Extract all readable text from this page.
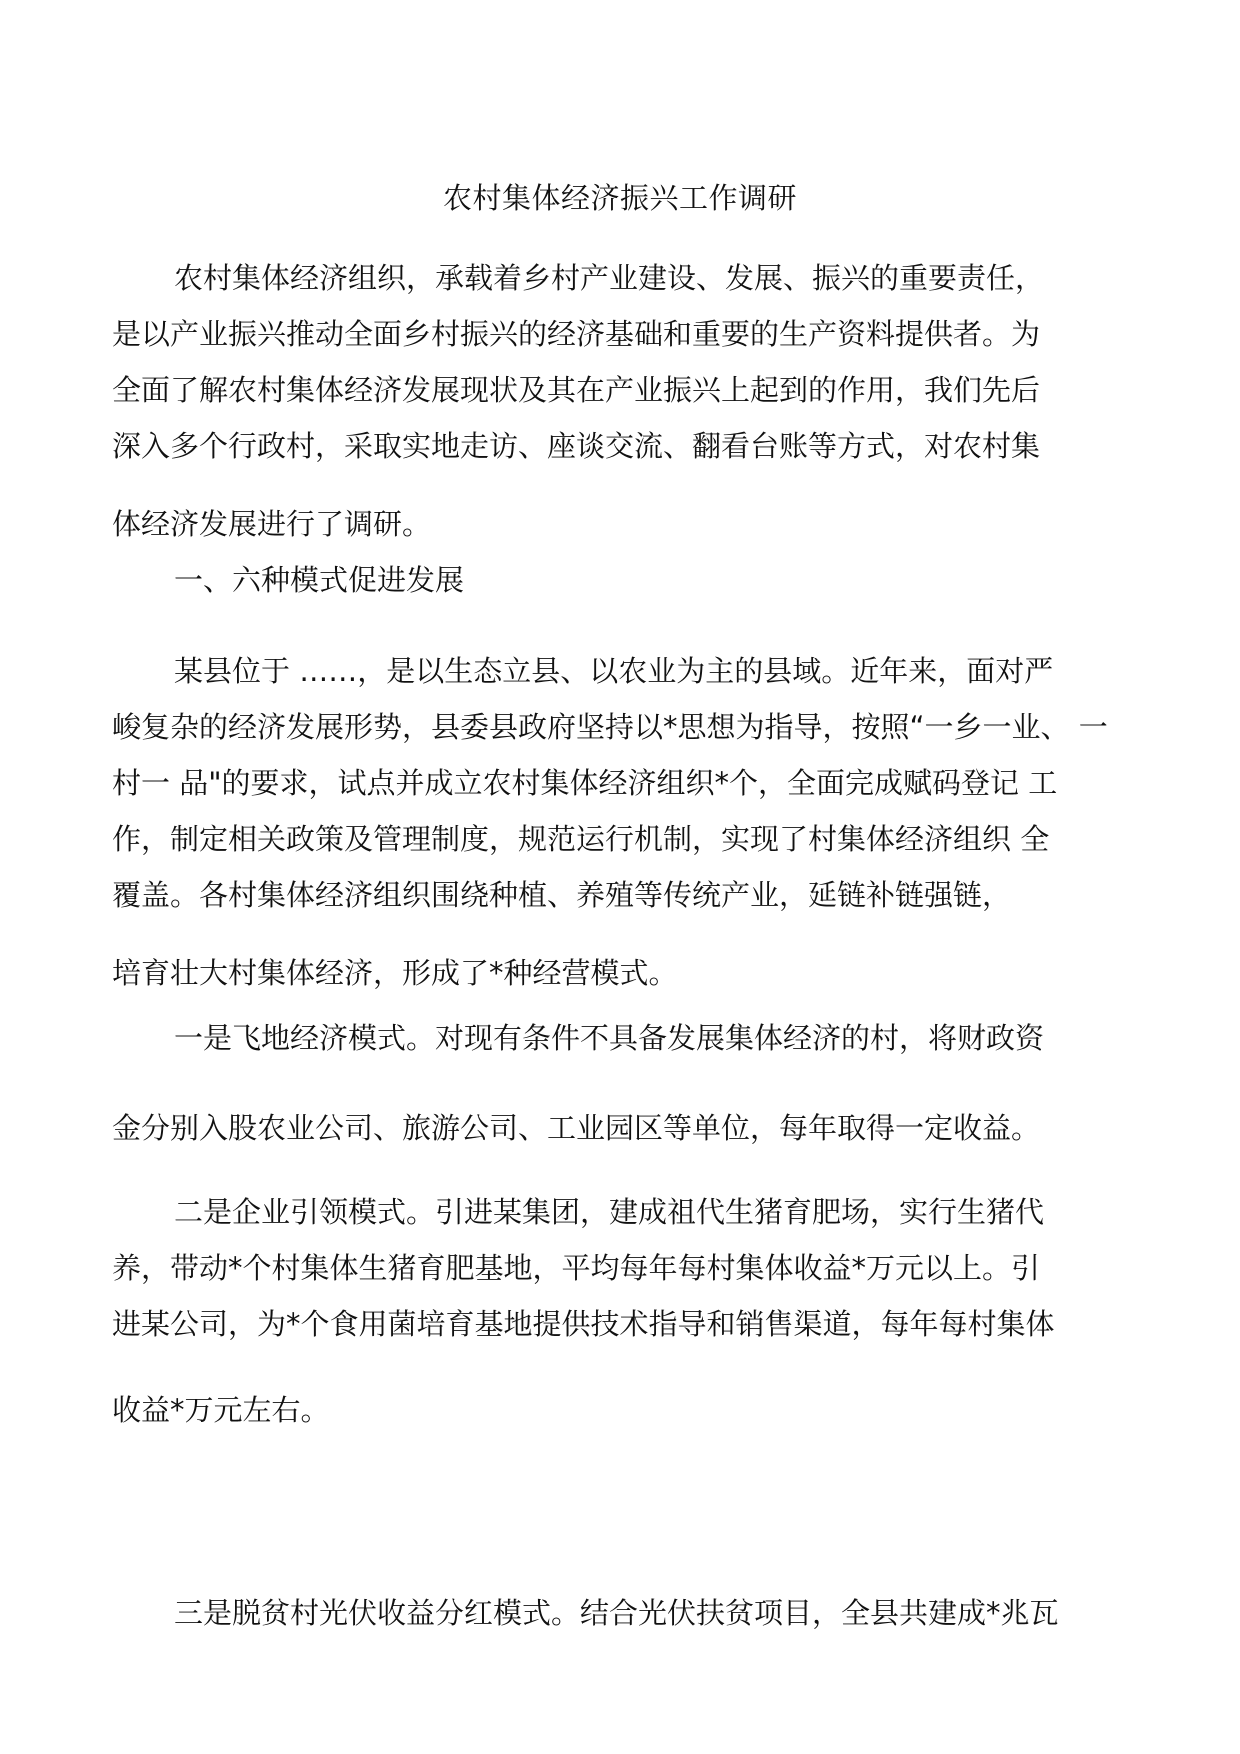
农村集体经济振兴工作调研
农村集体经济组织，承载着乡村产业建设、发展、振兴的重要责任，
是以产业振兴推动全面乡村振兴的经济基础和重要的生产资料提供者。为
全面了解农村集体经济发展现状及其在产业振兴上起到的作用，我们先后
深入多个行政村，采取实地走访、座谈交流、翻看台账等方式，对农村集
体经济发展进行了调研。
一、六种模式促进发展
某县位于 ……，是以生态立县、以农业为主的县域。近年来，面对严
峻复杂的经济发展形势，县委县政府坚持以*思想为指导，按照“一乡一业、 一
村一 品"的要求，试点并成立农村集体经济组织*个，全面完成赋码登记 工
作，制定相关政策及管理制度，规范运行机制，实现了村集体经济组织 全
覆盖。各村集体经济组织围绕种植、养殖等传统产业，延链补链强链，
培育壮大村集体经济，形成了*种经营模式。
一是飞地经济模式。对现有条件不具备发展集体经济的村，将财政资
金分别入股农业公司、旅游公司、工业园区等单位，每年取得一定收益。
二是企业引领模式。引进某集团，建成祖代生猪育肥场，实行生猪代
养，带动*个村集体生猪育肥基地，平均每年每村集体收益*万元以上。引
进某公司，为*个食用菌培育基地提供技术指导和销售渠道，每年每村集体
收益*万元左右。
三是脱贫村光伏收益分红模式。结合光伏扶贫项目，全县共建成*兆瓦
